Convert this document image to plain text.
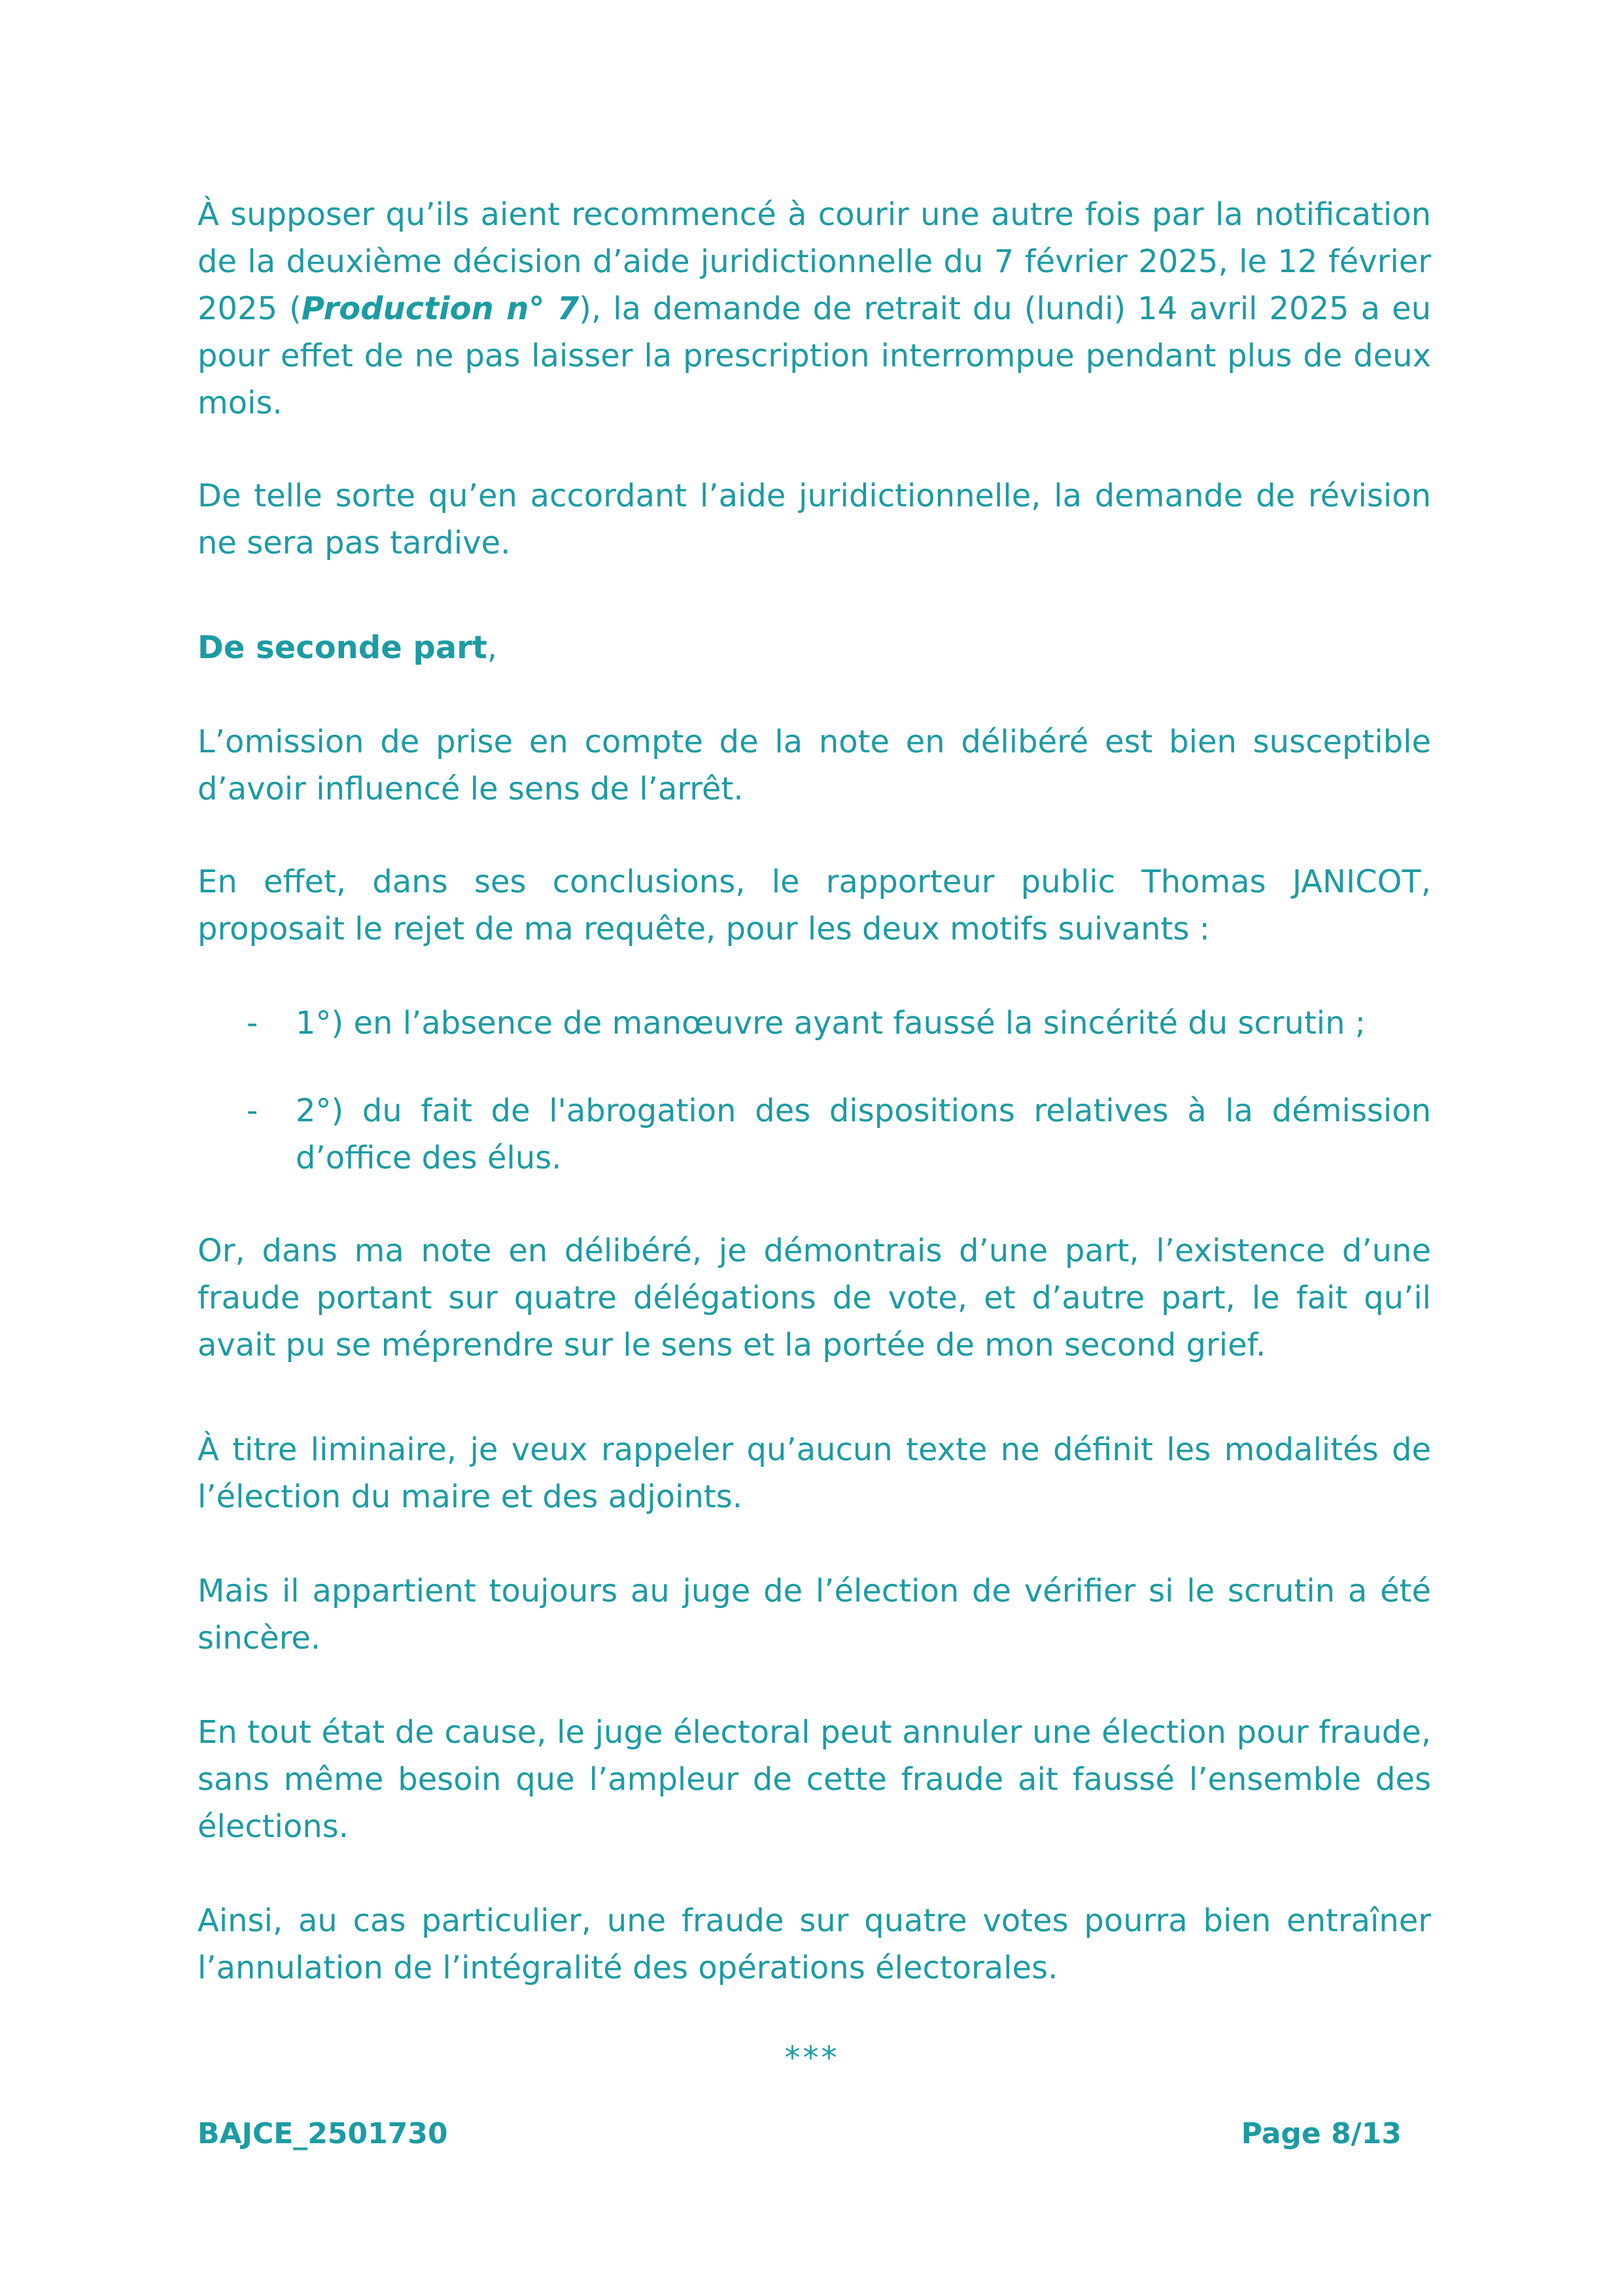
À supposer qu’ils aient recommencé à courir une autre fois par la notification de la deuxième décision d’aide juridictionnelle du 7 février 2025, le 12 février 2025 (Production n° 7), la demande de retrait du (lundi) 14 avril 2025 a eu pour effet de ne pas laisser la prescription interrompue pendant plus de deux mois.

De telle sorte qu’en accordant l’aide juridictionnelle, la demande de révision ne sera pas tardive.

De seconde part,

L’omission de prise en compte de la note en délibéré est bien susceptible d’avoir influencé le sens de l’arrêt.

En effet, dans ses conclusions, le rapporteur public Thomas JANICOT, proposait le rejet de ma requête, pour les deux motifs suivants :

- 1°) en l’absence de manœuvre ayant faussé la sincérité du scrutin ;
- 2°) du fait de l'abrogation des dispositions relatives à la démission d’office des élus.

Or, dans ma note en délibéré, je démontrais d’une part, l’existence d’une fraude portant sur quatre délégations de vote, et d’autre part, le fait qu’il avait pu se méprendre sur le sens et la portée de mon second grief.

À titre liminaire, je veux rappeler qu’aucun texte ne définit les modalités de l’élection du maire et des adjoints.

Mais il appartient toujours au juge de l’élection de vérifier si le scrutin a été sincère.

En tout état de cause, le juge électoral peut annuler une élection pour fraude, sans même besoin que l’ampleur de cette fraude ait faussé l’ensemble des élections.

Ainsi, au cas particulier, une fraude sur quatre votes pourra bien entraîner l’annulation de l’intégralité des opérations électorales.

***
BAJCE_2501730	Page 8/13
